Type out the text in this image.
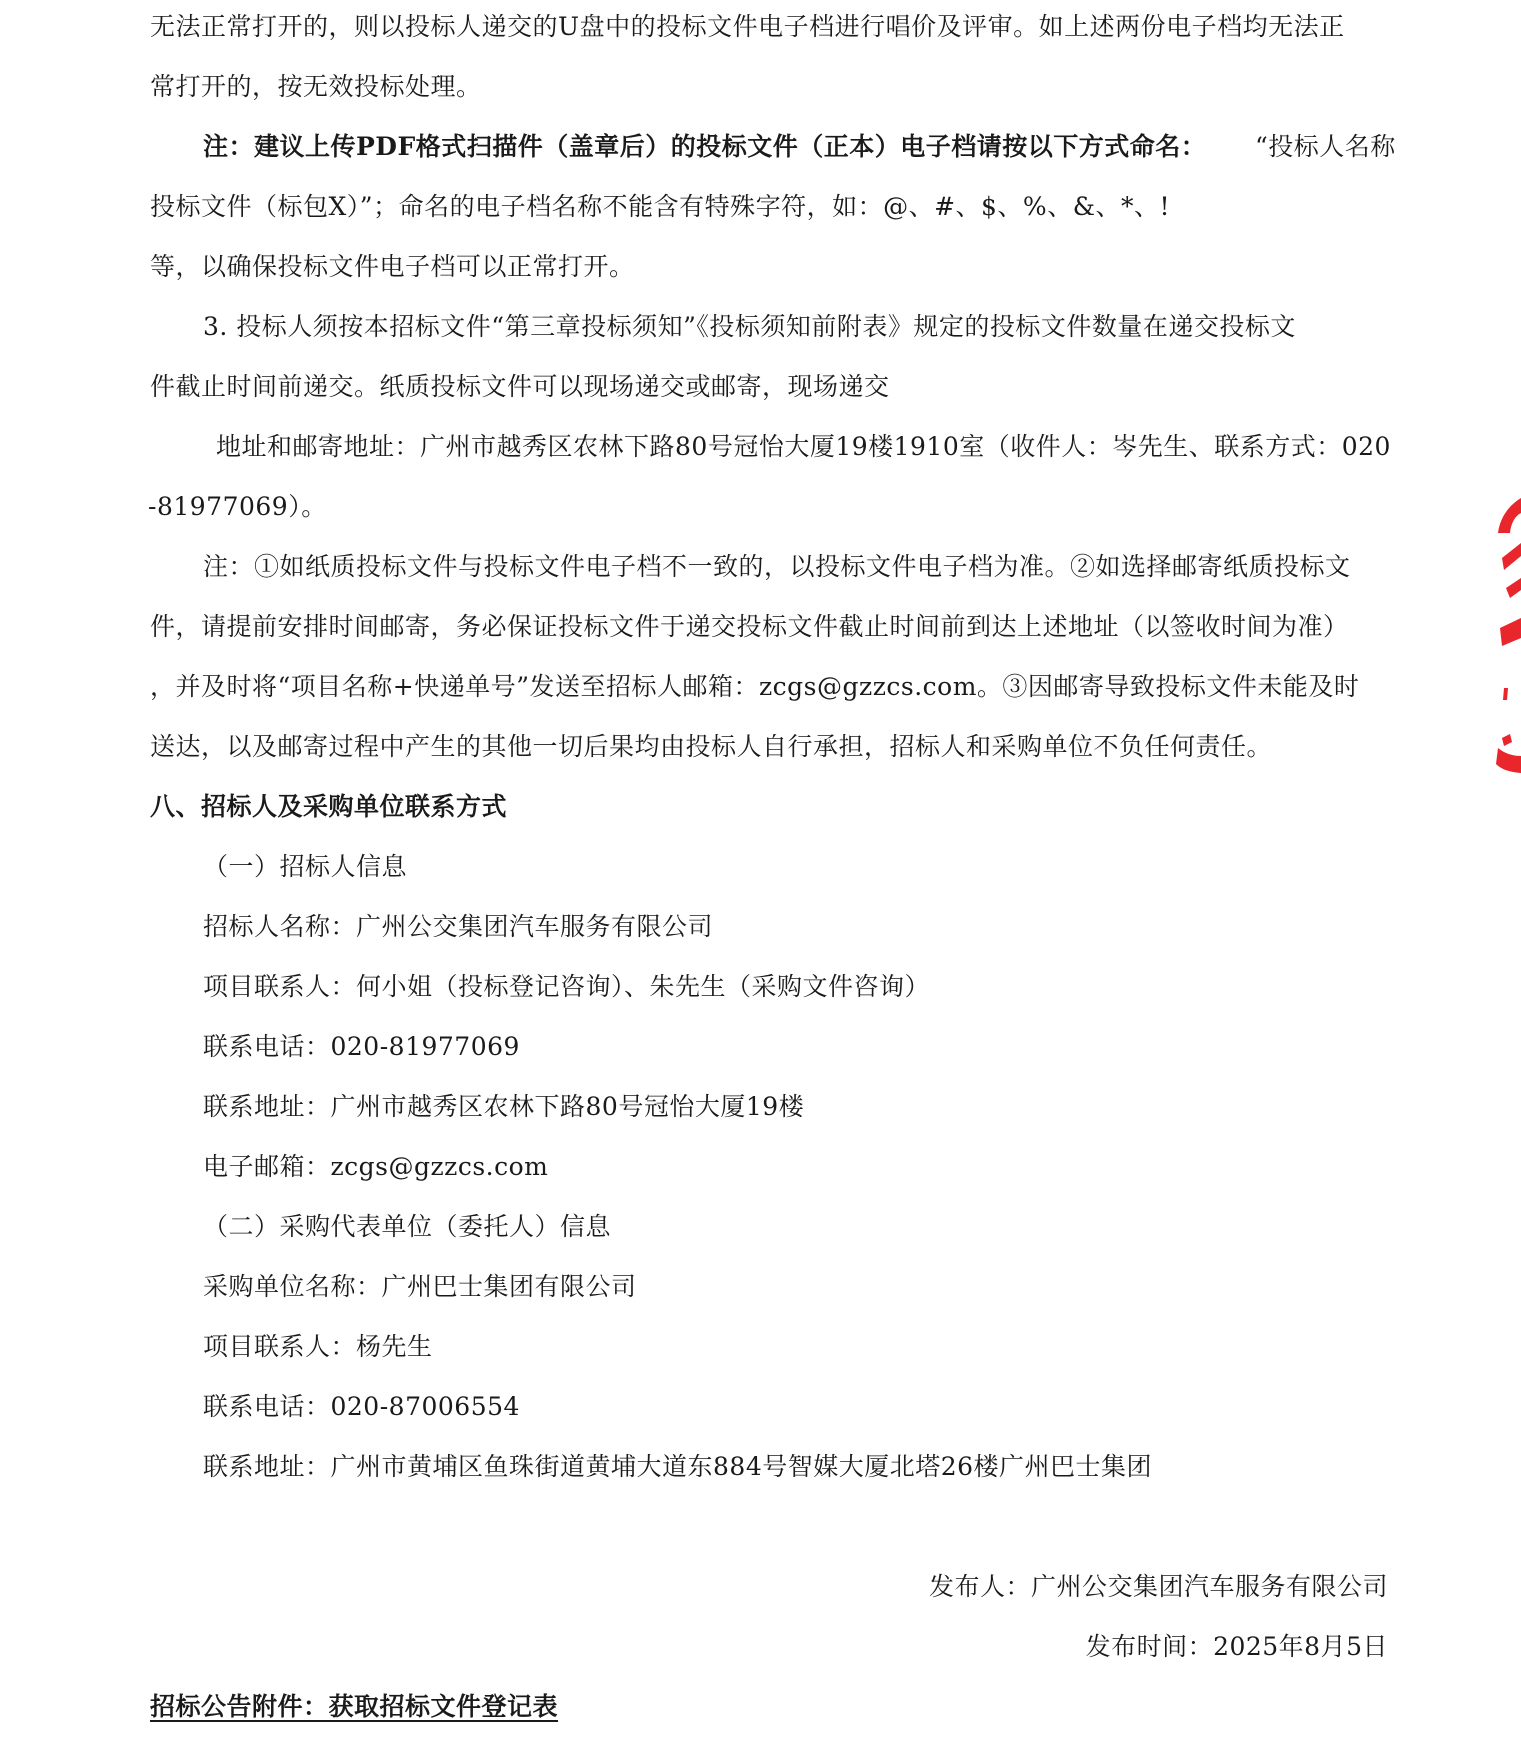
无法正常打开的，则以投标人递交的U盘中的投标文件电子档进行唱价及评审。如上述两份电子档均无法正
常打开的，按无效投标处理。
注：建议上传PDF格式扫描件（盖章后）的投标文件（正本）电子档请按以下方式命名： “投标人名称
投标文件（标包X）”；命名的电子档名称不能含有特殊字符，如：@、#、$、%、&、*、!
等，以确保投标文件电子档可以正常打开。
3. 投标人须按本招标文件“第三章投标须知”《投标须知前附表》规定的投标文件数量在递交投标文
件截止时间前递交。纸质投标文件可以现场递交或邮寄，现场递交
地址和邮寄地址：广州市越秀区农林下路80号冠怡大厦19楼1910室（收件人：岑先生、联系方式：020
-81977069）。
注：①如纸质投标文件与投标文件电子档不一致的，以投标文件电子档为准。②如选择邮寄纸质投标文
件，请提前安排时间邮寄，务必保证投标文件于递交投标文件截止时间前到达上述地址（以签收时间为准）
，并及时将“项目名称+快递单号”发送至招标人邮箱：zcgs@gzzcs.com。③因邮寄导致投标文件未能及时
送达，以及邮寄过程中产生的其他一切后果均由投标人自行承担，招标人和采购单位不负任何责任。
八、招标人及采购单位联系方式
（一）招标人信息
招标人名称：广州公交集团汽车服务有限公司
项目联系人：何小姐（投标登记咨询）、朱先生（采购文件咨询）
联系电话：020-81977069
联系地址：广州市越秀区农林下路80号冠怡大厦19楼
电子邮箱：zcgs@gzzcs.com
（二）采购代表单位（委托人）信息
采购单位名称：广州巴士集团有限公司
项目联系人：杨先生
联系电话：020-87006554
联系地址：广州市黄埔区鱼珠街道黄埔大道东884号智媒大厦北塔26楼广州巴士集团
发布人：广州公交集团汽车服务有限公司
发布时间：2025年8月5日
招标公告附件：获取招标文件登记表
